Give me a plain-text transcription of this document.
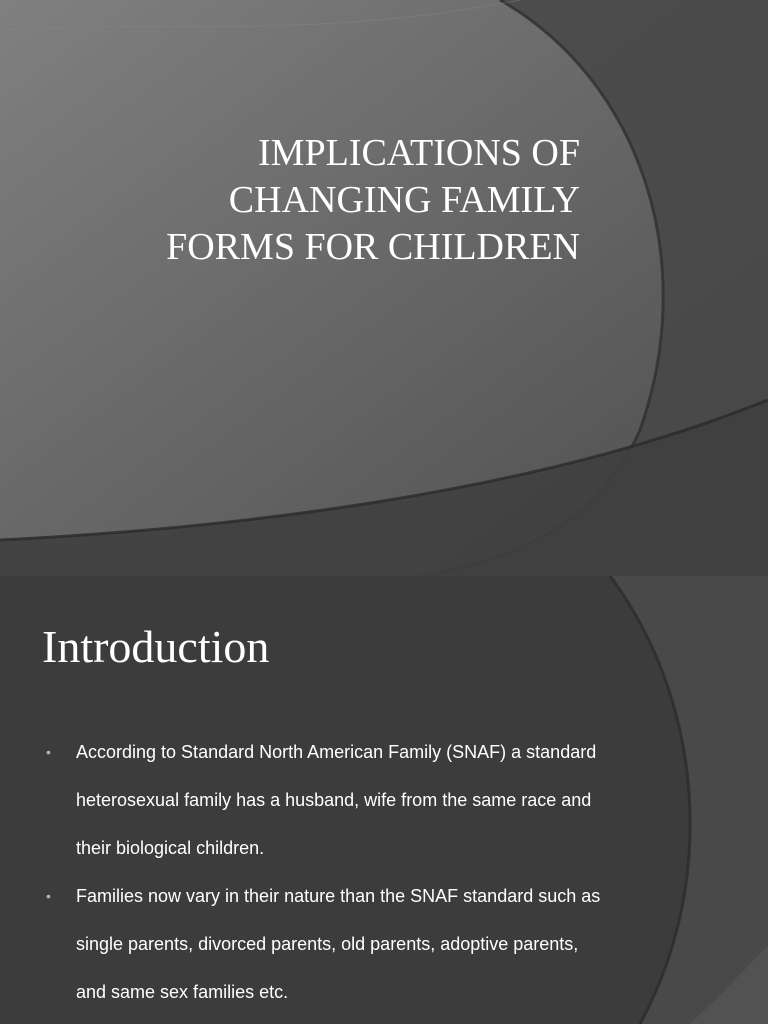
IMPLICATIONS OF
CHANGING FAMILY
FORMS FOR CHILDREN
Introduction
• According to Standard North American Family (SNAF) a standard
heterosexual family has a husband, wife from the same race and
their biological children.
• Families now vary in their nature than the SNAF standard such as
single parents, divorced parents, old parents, adoptive parents,
and same sex families etc.
